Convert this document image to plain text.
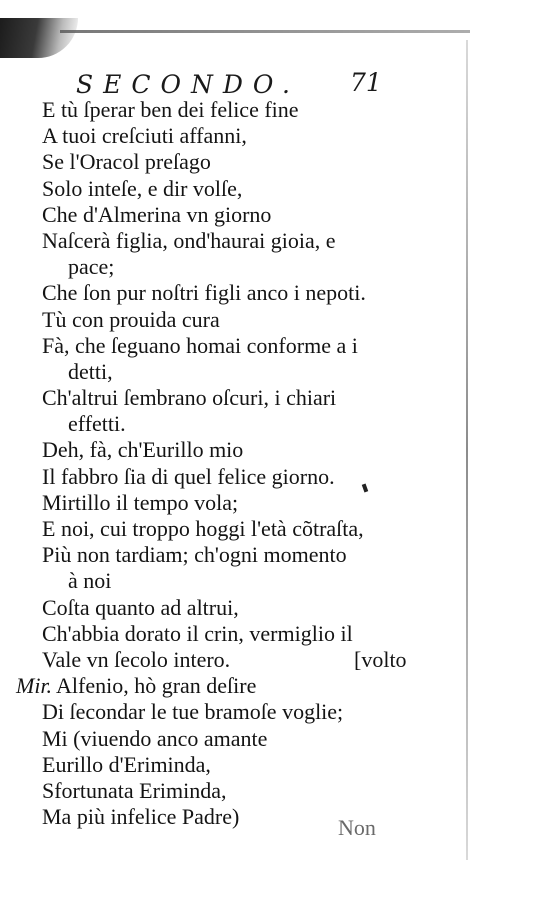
SECONDO.	71
E tù ſperar ben dei felice fine
A tuoi creſciuti affanni,
Se l'Oracol preſago
Solo inteſe, e dir volſe,
Che d'Almerina vn giorno
Naſcerà figlia, ond'haurai gioia, e
pace;
Che ſon pur noſtri figli anco i nepoti.
Tù con prouida cura
Fà, che ſeguano homai conforme a i
detti,
Ch'altrui ſembrano oſcuri, i chiari
effetti.
Deh, fà, ch'Eurillo mio
Il fabbro ſia di quel felice giorno.
Mirtillo il tempo vola;
E noi, cui troppo hoggi l'età cõtraſta,
Più non tardiam; ch'ogni momento
à noi
Coſta quanto ad altrui,
Ch'abbia dorato il crin, vermiglio il
Vale vn ſecolo intero.	[volto
Mir. Alfenio, hò gran deſire
Di ſecondar le tue bramoſe voglie;
Mi (viuendo anco amante
Eurillo d'Eriminda,
Sfortunata Eriminda,
Ma più infelice Padre)	Non
